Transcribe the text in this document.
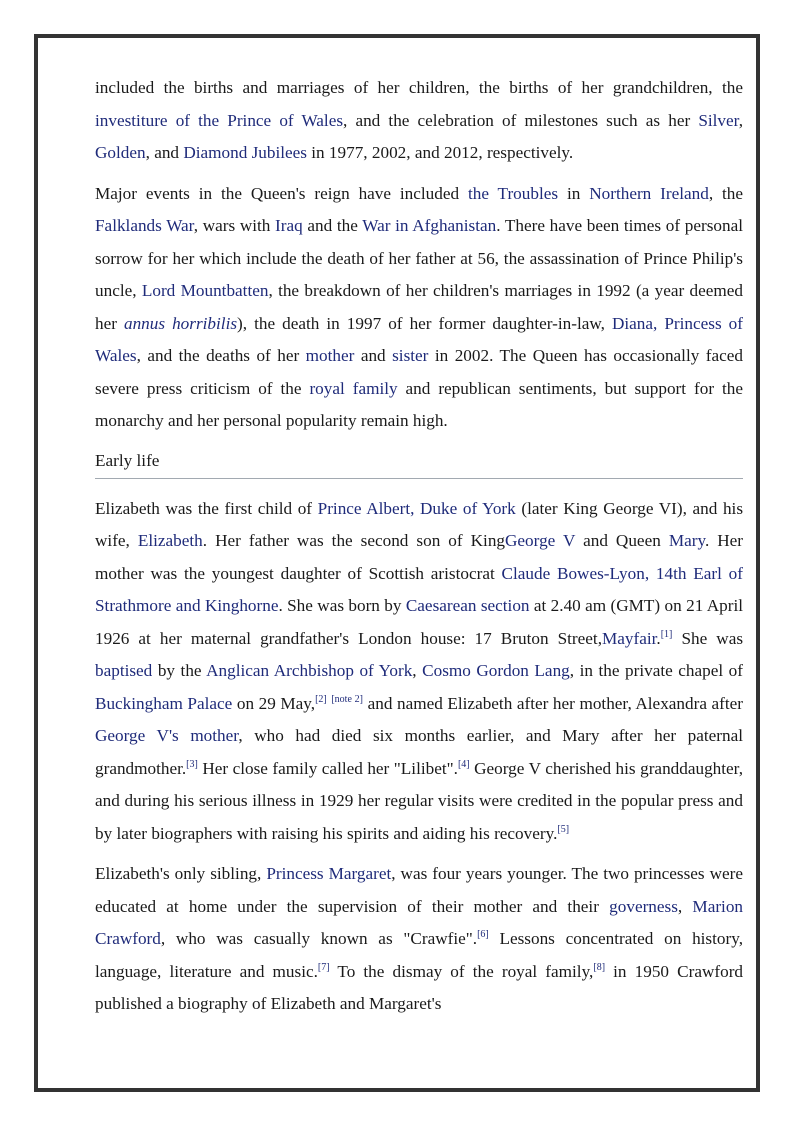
included the births and marriages of her children, the births of her grandchildren, the investiture of the Prince of Wales, and the celebration of milestones such as her Silver, Golden, and Diamond Jubilees in 1977, 2002, and 2012, respectively.

Major events in the Queen's reign have included the Troubles in Northern Ireland, the Falklands War, wars with Iraq and the War in Afghanistan. There have been times of personal sorrow for her which include the death of her father at 56, the assassination of Prince Philip's uncle, Lord Mountbatten, the breakdown of her children's marriages in 1992 (a year deemed her annus horribilis), the death in 1997 of her former daughter-in-law, Diana, Princess of Wales, and the deaths of her mother and sister in 2002. The Queen has occasionally faced severe press criticism of the royal family and republican sentiments, but support for the monarchy and her personal popularity remain high.

Early life

Elizabeth was the first child of Prince Albert, Duke of York (later King George VI), and his wife, Elizabeth. Her father was the second son of KingGeorge V and Queen Mary. Her mother was the youngest daughter of Scottish aristocrat Claude Bowes-Lyon, 14th Earl of Strathmore and Kinghorne. She was born by Caesarean section at 2.40 am (GMT) on 21 April 1926 at her maternal grandfather's London house: 17 Bruton Street,Mayfair.[1] She was baptised by the Anglican Archbishop of York, Cosmo Gordon Lang, in the private chapel of Buckingham Palace on 29 May,[2] [note 2] and named Elizabeth after her mother, Alexandra after George V's mother, who had died six months earlier, and Mary after her paternal grandmother.[3] Her close family called her "Lilibet".[4] George V cherished his granddaughter, and during his serious illness in 1929 her regular visits were credited in the popular press and by later biographers with raising his spirits and aiding his recovery.[5]

Elizabeth's only sibling, Princess Margaret, was four years younger. The two princesses were educated at home under the supervision of their mother and their governess, Marion Crawford, who was casually known as "Crawfie".[6] Lessons concentrated on history, language, literature and music.[7] To the dismay of the royal family,[8] in 1950 Crawford published a biography of Elizabeth and Margaret's
